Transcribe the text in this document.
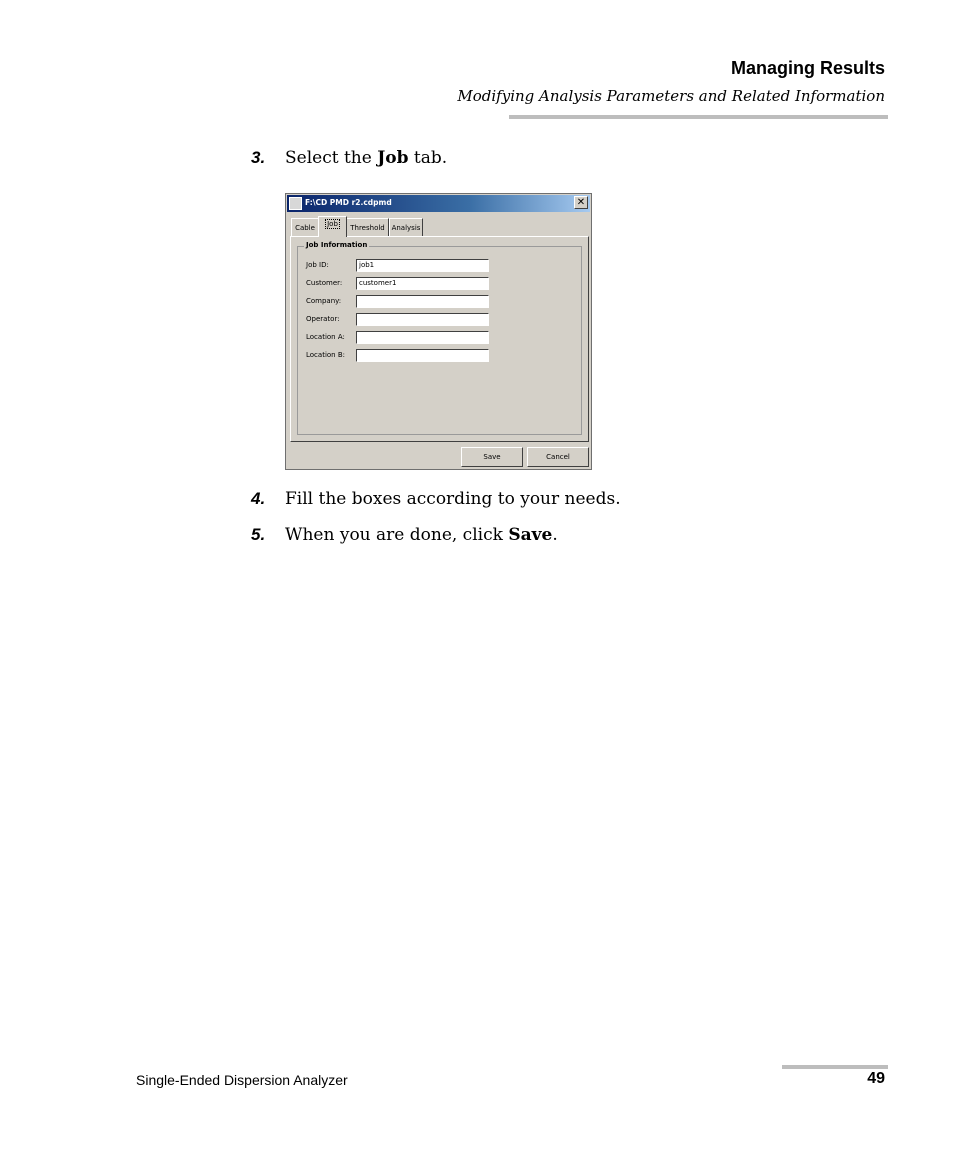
Managing Results
Modifying Analysis Parameters and Related Information
3. Select the Job tab.
F:\CD PMD r2.cdpmd	✕
Cable	Job	Threshold Analysis
Job Information
Job ID:	job1
Customer:	customer1
Company:
Operator:
Location A:
Location B:
Save	Cancel
4. Fill the boxes according to your needs.
5. When you are done, click Save.
Single-Ended Dispersion Analyzer	49
